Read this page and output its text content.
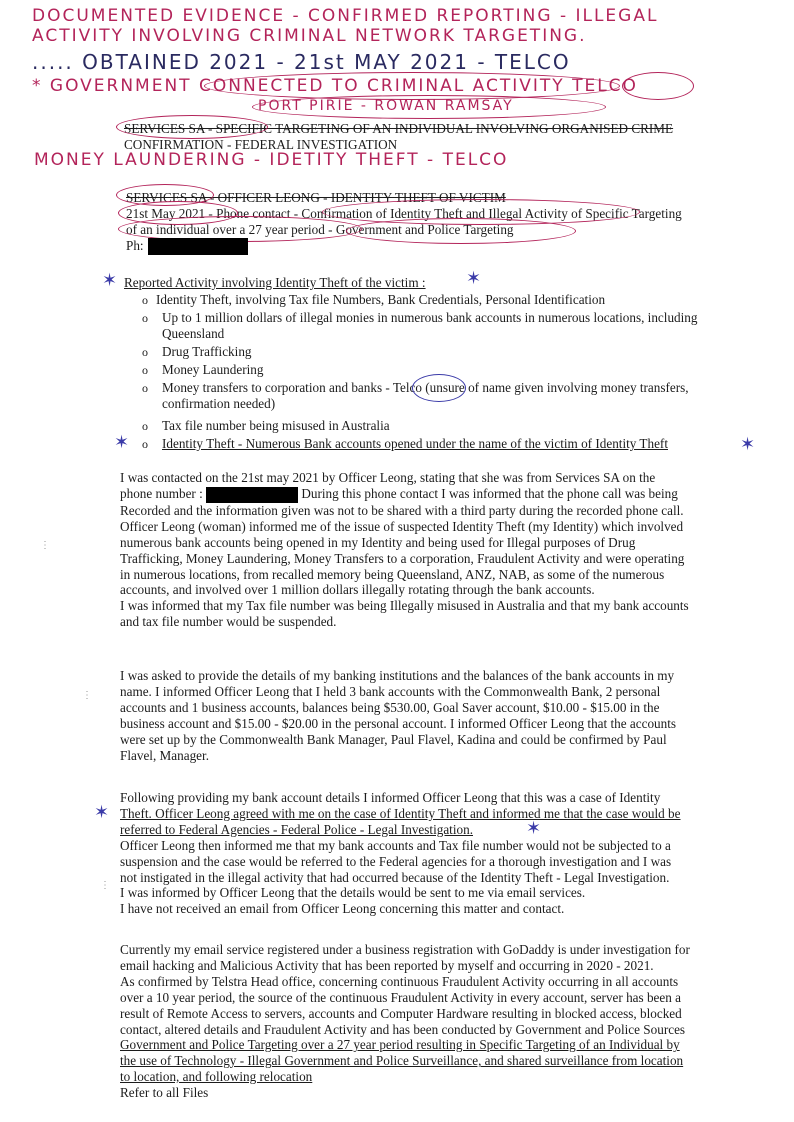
DOCUMENTED EVIDENCE - CONFIRMED REPORTING - ILLEGAL
ACTIVITY INVOLVING CRIMINAL NETWORK TARGETING.
..... OBTAINED 2021 - 21st MAY 2021 - TELCO
* GOVERNMENT CONNECTED TO CRIMINAL ACTIVITY TELCO
PORT PIRIE - ROWAN RAMSAY
SERVICES SA - SPECIFIC TARGETING OF AN INDIVIDUAL INVOLVING ORGANISED CRIME
CONFIRMATION - FEDERAL INVESTIGATION
MONEY LAUNDERING - IDETITY THEFT - TELCO
SERVICES SA - OFFICER LEONG - IDENTITY THEFT OF VICTIM
21st May 2021 - Phone contact - Confirmation of Identity Theft and Illegal Activity of Specific Targeting
of an individual over a 27 year period - Government and Police Targeting
Ph:
✶ Reported Activity involving Identity Theft of the victim : ✶
o Identity Theft, involving Tax file Numbers, Bank Credentials, Personal Identification
o Up to 1 million dollars of illegal monies in numerous bank accounts in numerous locations, including
Queensland
o Drug Trafficking
o Money Laundering
o Money transfers to corporation and banks - Telco (unsure of name given involving money transfers,
confirmation needed)
o Tax file number being misused in Australia
✶ o Identity Theft - Numerous Bank accounts opened under the name of the victim of Identity Theft	✶
I was contacted on the 21st may 2021 by Officer Leong, stating that she was from Services SA on the
phone number :	During this phone contact I was informed that the phone call was being
Recorded and the information given was not to be shared with a third party during the recorded phone call.
Officer Leong (woman) informed me of the issue of suspected Identity Theft (my Identity) which involved
numerous bank accounts being opened in my Identity and being used for Illegal purposes of Drug
Trafficking, Money Laundering, Money Transfers to a corporation, Fraudulent Activity and were operating
in numerous locations, from recalled memory being Queensland, ANZ, NAB, as some of the numerous
accounts, and involved over 1 million dollars illegally rotating through the bank accounts.
I was informed that my Tax file number was being Illegally misused in Australia and that my bank accounts
and tax file number would be suspended.
I was asked to provide the details of my banking institutions and the balances of the bank accounts in my
name. I informed Officer Leong that I held 3 bank accounts with the Commonwealth Bank, 2 personal
accounts and 1 business accounts, balances being $530.00, Goal Saver account, $10.00 - $15.00 in the
business account and $15.00 - $20.00 in the personal account. I informed Officer Leong that the accounts
were set up by the Commonwealth Bank Manager, Paul Flavel, Kadina and could be confirmed by Paul
Flavel, Manager.
✶
Following providing my bank account details I informed Officer Leong that this was a case of Identity
Theft. Officer Leong agreed with me on the case of Identity Theft and informed me that the case would be
referred to Federal Agencies - Federal Police - Legal Investigation.
Officer Leong then informed me that my bank accounts and Tax file number would not be subjected to a
suspension and the case would be referred to the Federal agencies for a thorough investigation and I was
not instigated in the illegal activity that had occurred because of the Identity Theft - Legal Investigation.
I was informed by Officer Leong that the details would be sent to me via email services.
I have not received an email from Officer Leong concerning this matter and contact.
✶
Currently my email service registered under a business registration with GoDaddy is under investigation for
email hacking and Malicious Activity that has been reported by myself and occurring in 2020 - 2021.
As confirmed by Telstra Head office, concerning continuous Fraudulent Activity occurring in all accounts
over a 10 year period, the source of the continuous Fraudulent Activity in every account, server has been a
result of Remote Access to servers, accounts and Computer Hardware resulting in blocked access, blocked
contact, altered details and Fraudulent Activity and has been conducted by Government and Police Sources
Government and Police Targeting over a 27 year period resulting in Specific Targeting of an Individual by
the use of Technology - Illegal Government and Police Surveillance, and shared surveillance from location
to location, and following relocation
Refer to all Files
⋮
⋮
⋮
